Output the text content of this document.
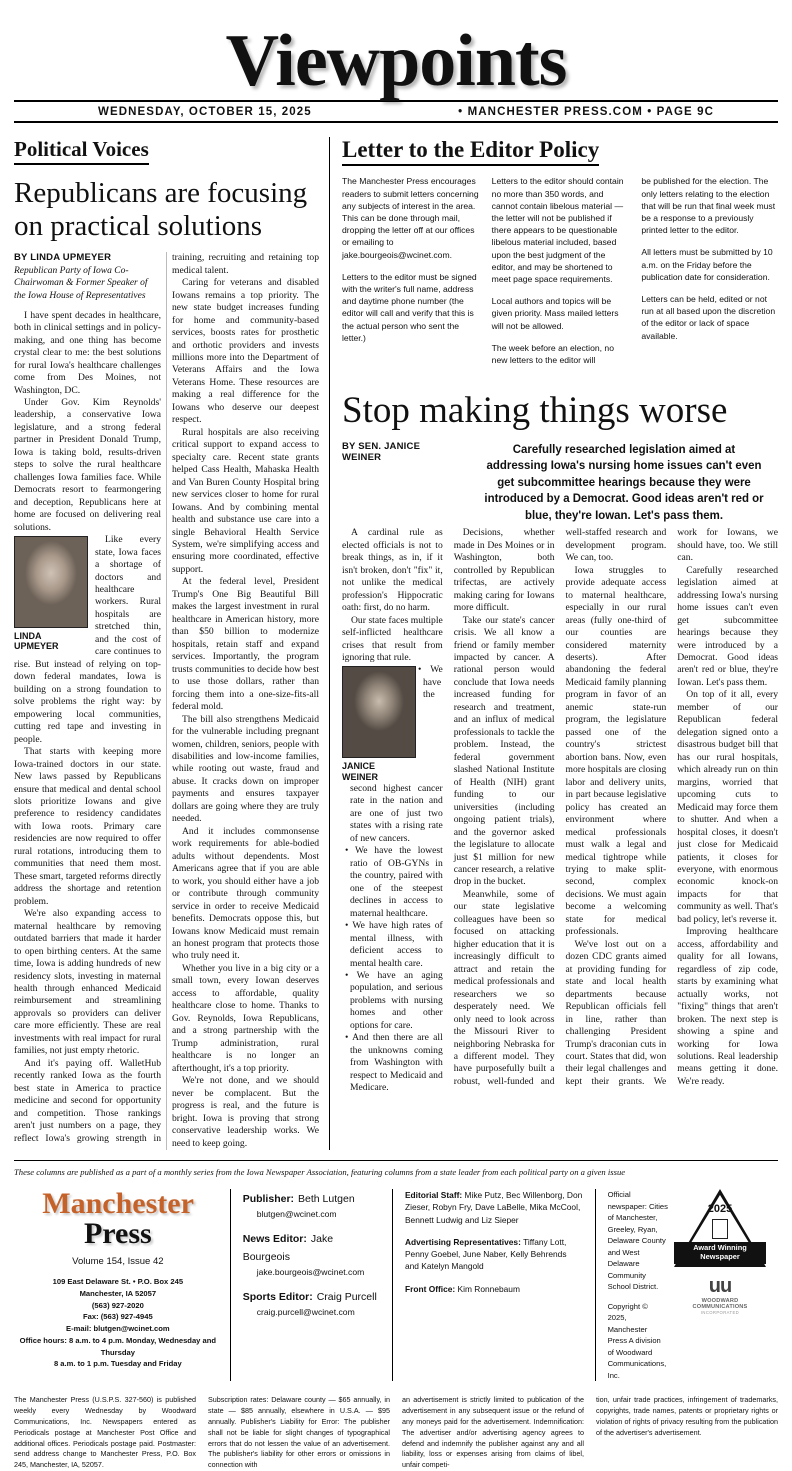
Viewpoints
WEDNESDAY, OCTOBER 15, 2025	• MANCHESTER PRESS.COM • PAGE 9C
Political Voices
Republicans are focusing on practical solutions
BY LINDA UPMEYER
Republican Party of Iowa Co-Chairwoman & Former Speaker of the Iowa House of Representatives

I have spent decades in healthcare, both in clinical settings and in policy-making, and one thing has become crystal clear to me: the best solutions for rural Iowa's healthcare challenges come from Des Moines, not Washington, DC.

Under Gov. Kim Reynolds' leadership, a conservative Iowa legislature, and a strong federal partner in President Donald Trump, Iowa is taking bold, results-driven steps to solve the rural healthcare challenges Iowa families face. While Democrats resort to fearmongering and deception, Republicans here at home are focused on delivering real solutions.

LINDA
UPMEYER

Like every state, Iowa faces a shortage of doctors and healthcare workers. Rural hospitals are stretched thin, and the cost of care continues to rise. But instead of relying on top-down federal mandates, Iowa is building on a strong foundation to solve problems the right way: by empowering local communities, cutting red tape and investing in people.

That starts with keeping more Iowa-trained doctors in our state. New laws passed by Republicans ensure that medical and dental school slots prioritize Iowans and give preference to residency candidates with Iowa roots. Primary care residencies are now required to offer rural rotations, introducing them to communities that need them most. These smart, targeted reforms directly address the shortage and retention problem.

We're also expanding access to maternal healthcare by removing outdated barriers that made it harder to open birthing centers. At the same time, Iowa is adding hundreds of new residency slots, investing in maternal health through enhanced Medicaid reimbursement and streamlining approvals so providers can deliver care more efficiently. These are real investments with real impact for rural families, not just empty rhetoric.

And it's paying off. WalletHub recently ranked Iowa as the fourth best state in America to practice medicine and second for opportunity and competition. Those rankings aren't just numbers on a page, they reflect Iowa's growing strength in training, recruiting and retaining top medical talent.

Caring for veterans and disabled Iowans remains a top priority. The new state budget increases funding for home and community-based services, boosts rates for prosthetic and orthotic providers and invests millions more into the Department of Veterans Affairs and the Iowa Veterans Home. These resources are making a real difference for the Iowans who deserve our deepest respect.

Rural hospitals are also receiving critical support to expand access to specialty care. Recent state grants helped Cass Health, Mahaska Health and Van Buren County Hospital bring new services closer to home for rural Iowans. And by combining mental health and substance use care into a single Behavioral Health Service System, we're simplifying access and ensuring more coordinated, effective support.

At the federal level, President Trump's One Big Beautiful Bill makes the largest investment in rural healthcare in American history, more than $50 billion to modernize hospitals, retain staff and expand services. Importantly, the program trusts communities to decide how best to use those dollars, rather than forcing them into a one-size-fits-all federal mold.

The bill also strengthens Medicaid for the vulnerable including pregnant women, children, seniors, people with disabilities and low-income families, while rooting out waste, fraud and abuse. It cracks down on improper payments and ensures taxpayer dollars are going where they are truly needed.

And it includes commonsense work requirements for able-bodied adults without dependents. Most Americans agree that if you are able to work, you should either have a job or contribute through community service in order to receive Medicaid benefits. Democrats oppose this, but Iowans know Medicaid must remain an honest program that protects those who truly need it.

Whether you live in a big city or a small town, every Iowan deserves access to affordable, quality healthcare close to home. Thanks to Gov. Reynolds, Iowa Republicans, and a strong partnership with the Trump administration, rural healthcare is no longer an afterthought, it's a top priority.

We're not done, and we should never be complacent. But the progress is real, and the future is bright. Iowa is proving that strong conservative leadership works. We need to keep going.

Letter to the Editor Policy

The Manchester Press encourages readers to submit letters concerning any subjects of interest in the area. This can be done through mail, dropping the letter off at our offices or emailing to jake.bourgeois@wcinet.com.

Letters to the editor must be signed with the writer's full name, address and daytime phone number (the editor will call and verify that this is the actual person who sent the letter.)

Letters to the editor should contain no more than 350 words, and cannot contain libelous material — the letter will not be published if there appears to be questionable libelous material included, based upon the best judgment of the editor, and may be shortened to meet page space requirements.

Local authors and topics will be given priority. Mass mailed letters will not be allowed.

The week before an election, no new letters to the editor will

be published for the election. The only letters relating to the election that will be run that final week must be a response to a previously printed letter to the editor.

All letters must be submitted by 10 a.m. on the Friday before the publication date for consideration.

Letters can be held, edited or not run at all based upon the discretion of the editor or lack of space available.

Stop making things worse
BY SEN. JANICE WEINER
Carefully researched legislation aimed at addressing Iowa's nursing home issues can't even get subcommittee hearings because they were introduced by a Democrat. Good ideas aren't red or blue, they're Iowan. Let's pass them.

A cardinal rule as elected officials is not to break things, as in, if it isn't broken, don't "fix" it, not unlike the medical profession's Hippocratic oath: first, do no harm.

Our state faces multiple self-inflicted healthcare crises that result from ignoring that rule.

JANICE
WEINER

• We have the second highest cancer rate in the nation and are one of just two states with a rising rate of new cancers.

• We have the lowest ratio of OB-GYNs in the country, paired with one of the steepest declines in access to maternal healthcare.

• We have high rates of mental illness, with deficient access to mental health care.

• We have an aging population, and serious problems with nursing homes and other options for care.

• And then there are all the unknowns coming from Washington with respect to Medicaid and Medicare.

Decisions, whether made in Des Moines or in Washington, both controlled by Republican trifectas, are actively making caring for Iowans more difficult.

Take our state's cancer crisis. We all know a friend or family member impacted by cancer. A rational person would conclude that Iowa needs increased funding for research and treatment, and an influx of medical professionals to tackle the problem. Instead, the federal government slashed National Institute of Health (NIH) grant funding to our universities (including ongoing patient trials), and the governor asked the legislature to allocate just $1 million for new cancer research, a relative drop in the bucket.

Meanwhile, some of our state legislative colleagues have been so focused on attacking higher education that it is increasingly difficult to attract and retain the medical professionals and researchers we so desperately need. We only need to look across the Missouri River to neighboring Nebraska for a different model. They have purposefully built a robust, well-funded and well-staffed research and development program. We can, too.

Iowa struggles to provide adequate access to maternal healthcare, especially in our rural areas (fully one-third of our counties are considered maternity deserts). After abandoning the federal Medicaid family planning program in favor of an anemic state-run program, the legislature passed one of the country's strictest abortion bans. Now, even more hospitals are closing labor and delivery units, in part because legislative policy has created an environment where medical professionals must walk a legal and medical tightrope while trying to make split-second, complex decisions. We must again become a welcoming state for medical professionals.

We've lost out on a dozen CDC grants aimed at providing funding for state and local health departments because Republican officials fell in line, rather than challenging President Trump's draconian cuts in court. States that did, won their legal challenges and kept their grants. We work for Iowans, we should have, too. We still can.

Carefully researched legislation aimed at addressing Iowa's nursing home issues can't even get subcommittee hearings because they were introduced by a Democrat. Good ideas aren't red or blue, they're Iowan. Let's pass them.

On top of it all, every member of our Republican federal delegation signed onto a disastrous budget bill that has our rural hospitals, which already run on thin margins, worried that upcoming cuts to Medicaid may force them to shutter. And when a hospital closes, it doesn't just close for Medicaid patients, it closes for everyone, with enormous economic knock-on impacts for that community as well. That's bad policy, let's reverse it.

Improving healthcare access, affordability and quality for all Iowans, regardless of zip code, starts by examining what actually works, not "fixing" things that aren't broken. The next step is showing a spine and working for Iowa solutions. Real leadership means getting it done. We're ready.

These columns are published as a part of a monthly series from the Iowa Newspaper Association, featuring columns from a state leader from each political party on a given issue
Manchester Press
Volume 154, Issue 42
109 East Delaware St. • P.O. Box 245
Manchester, IA 52057
(563) 927-2020
Fax: (563) 927-4945
E-mail: blutgen@wcinet.com
Office hours: 8 a.m. to 4 p.m. Monday, Wednesday and Thursday
8 a.m. to 1 p.m. Tuesday and Friday
Publisher: Beth Lutgen
blutgen@wcinet.com
News Editor: Jake Bourgeois
jake.bourgeois@wcinet.com
Sports Editor: Craig Purcell
craig.purcell@wcinet.com
Editorial Staff: Mike Putz, Bec Willenborg, Don Zieser, Robyn Fry, Dave LaBelle, Mika McCool, Bennett Ludwig and Liz Sieper
Advertising Representatives: Tiffany Lott, Penny Goebel, June Naber, Kelly Behrends and Katelyn Mangold
Front Office: Kim Ronnebaum
Official newspaper: Cities of Manchester, Greeley, Ryan, Delaware County and West Delaware Community School District.
Copyright © 2025, Manchester Press A division of Woodward Communications, Inc.
2025
Award Winning
Newspaper
uu
WOODWARD COMMUNICATIONS
INCORPORATED

The Manchester Press (U.S.P.S. 327-560) is published weekly every Wednesday by Woodward Communications, Inc. Newspapers entered as Periodicals postage at Manchester Post Office and additional offices. Periodicals postage paid. Postmaster: send address change to Manchester Press, P.O. Box 245, Manchester, IA, 52057.

Subscription rates: Delaware county — $65 annually, in state — $85 annually, elsewhere in U.S.A. — $95 annually. Publisher's Liability for Error: The publisher shall not be liable for slight changes of typographical errors that do not lessen the value of an advertisement. The publisher's liability for other errors or omissions in connection with

an advertisement is strictly limited to publication of the advertisement in any subsequent issue or the refund of any moneys paid for the advertisement. Indemnification: The advertiser and/or advertising agency agrees to defend and indemnify the publisher against any and all liability, loss or expenses arising from claims of libel, unfair competi-

tion, unfair trade practices, infringement of trademarks, copyrights, trade names, patents or proprietary rights or violation of rights of privacy resulting from the publication of the advertiser's advertisement.
